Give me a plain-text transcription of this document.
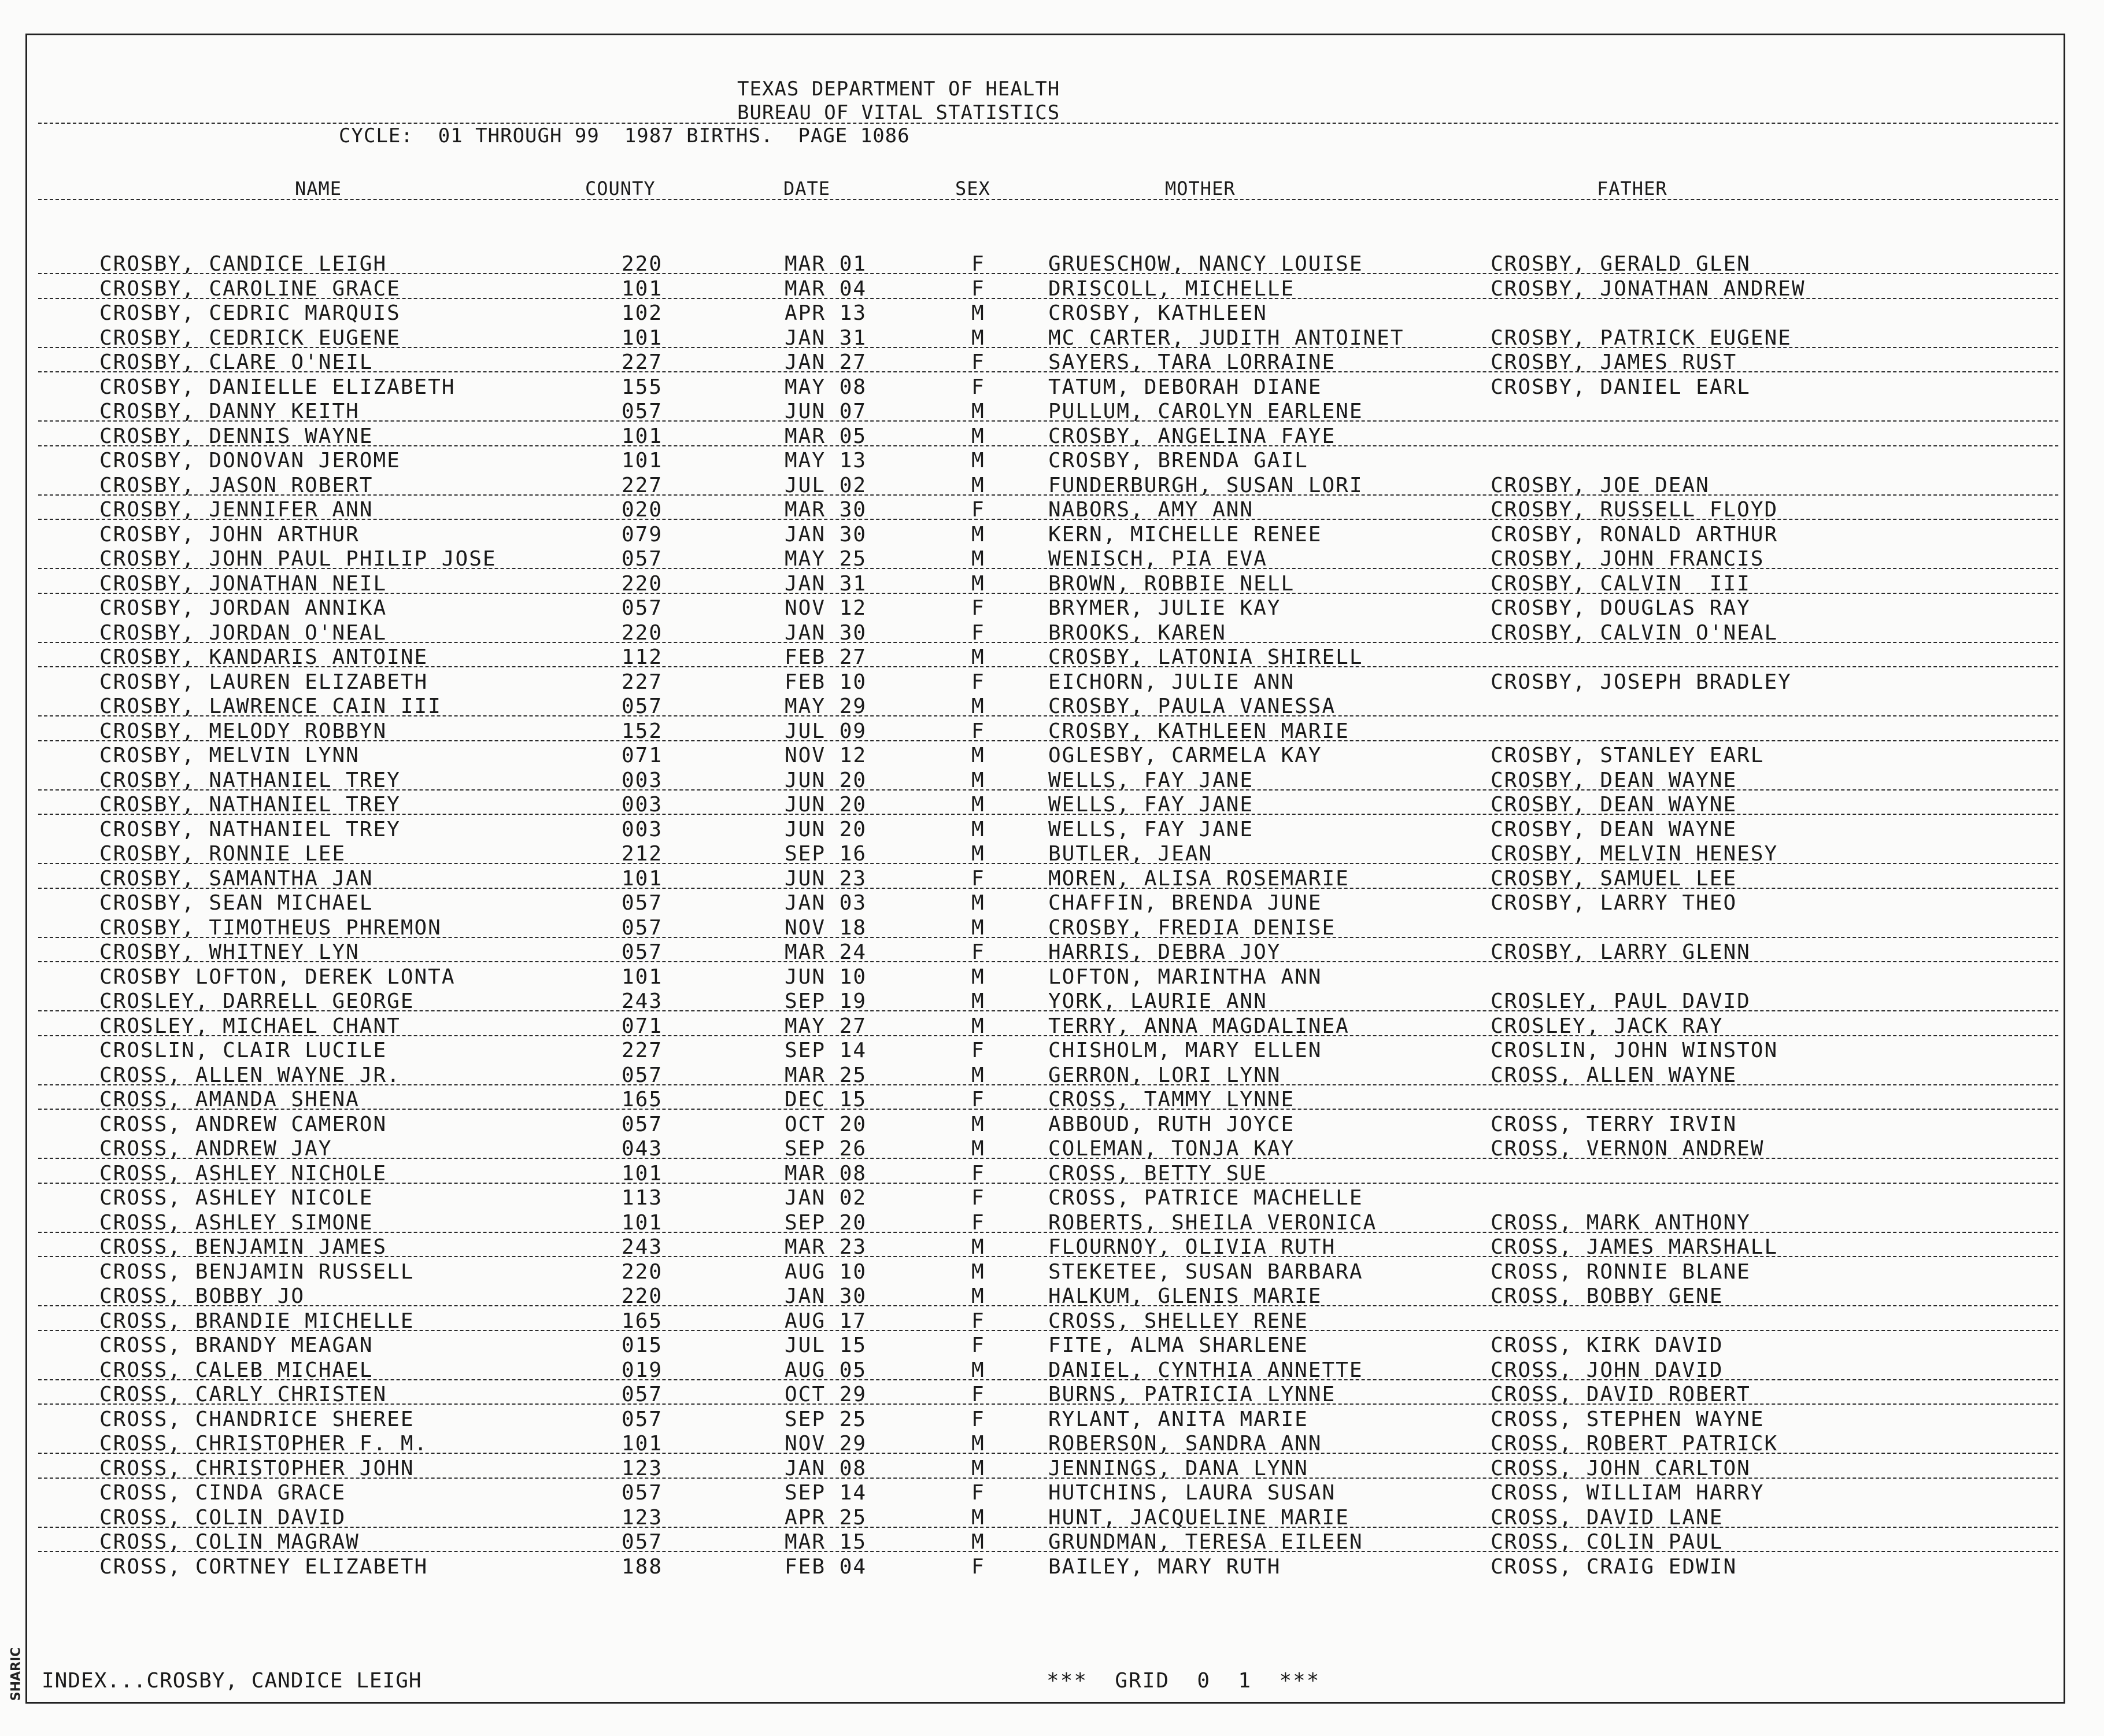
SHARIC
TEXAS DEPARTMENT OF HEALTH
BUREAU OF VITAL STATISTICS
CYCLE:  01 THROUGH 99  1987 BIRTHS.  PAGE 1086
NAME	COUNTY	DATE	SEX	MOTHER	FATHER
CROSBY, CANDICE LEIGH	220	MAR 01	F	GRUESCHOW, NANCY LOUISE	CROSBY, GERALD GLEN
CROSBY, CAROLINE GRACE	101	MAR 04	F	DRISCOLL, MICHELLE	CROSBY, JONATHAN ANDREW
CROSBY, CEDRIC MARQUIS	102	APR 13	M	CROSBY, KATHLEEN
CROSBY, CEDRICK EUGENE	101	JAN 31	M	MC CARTER, JUDITH ANTOINET	CROSBY, PATRICK EUGENE
CROSBY, CLARE O'NEIL	227	JAN 27	F	SAYERS, TARA LORRAINE	CROSBY, JAMES RUST
CROSBY, DANIELLE ELIZABETH	155	MAY 08	F	TATUM, DEBORAH DIANE	CROSBY, DANIEL EARL
CROSBY, DANNY KEITH	057	JUN 07	M	PULLUM, CAROLYN EARLENE
CROSBY, DENNIS WAYNE	101	MAR 05	M	CROSBY, ANGELINA FAYE
CROSBY, DONOVAN JEROME	101	MAY 13	M	CROSBY, BRENDA GAIL
CROSBY, JASON ROBERT	227	JUL 02	M	FUNDERBURGH, SUSAN LORI	CROSBY, JOE DEAN
CROSBY, JENNIFER ANN	020	MAR 30	F	NABORS, AMY ANN	CROSBY, RUSSELL FLOYD
CROSBY, JOHN ARTHUR	079	JAN 30	M	KERN, MICHELLE RENEE	CROSBY, RONALD ARTHUR
CROSBY, JOHN PAUL PHILIP JOSE	057	MAY 25	M	WENISCH, PIA EVA	CROSBY, JOHN FRANCIS
CROSBY, JONATHAN NEIL	220	JAN 31	M	BROWN, ROBBIE NELL	CROSBY, CALVIN  III
CROSBY, JORDAN ANNIKA	057	NOV 12	F	BRYMER, JULIE KAY	CROSBY, DOUGLAS RAY
CROSBY, JORDAN O'NEAL	220	JAN 30	F	BROOKS, KAREN	CROSBY, CALVIN O'NEAL
CROSBY, KANDARIS ANTOINE	112	FEB 27	M	CROSBY, LATONIA SHIRELL
CROSBY, LAUREN ELIZABETH	227	FEB 10	F	EICHORN, JULIE ANN	CROSBY, JOSEPH BRADLEY
CROSBY, LAWRENCE CAIN III	057	MAY 29	M	CROSBY, PAULA VANESSA
CROSBY, MELODY ROBBYN	152	JUL 09	F	CROSBY, KATHLEEN MARIE
CROSBY, MELVIN LYNN	071	NOV 12	M	OGLESBY, CARMELA KAY	CROSBY, STANLEY EARL
CROSBY, NATHANIEL TREY	003	JUN 20	M	WELLS, FAY JANE	CROSBY, DEAN WAYNE
CROSBY, NATHANIEL TREY	003	JUN 20	M	WELLS, FAY JANE	CROSBY, DEAN WAYNE
CROSBY, NATHANIEL TREY	003	JUN 20	M	WELLS, FAY JANE	CROSBY, DEAN WAYNE
CROSBY, RONNIE LEE	212	SEP 16	M	BUTLER, JEAN	CROSBY, MELVIN HENESY
CROSBY, SAMANTHA JAN	101	JUN 23	F	MOREN, ALISA ROSEMARIE	CROSBY, SAMUEL LEE
CROSBY, SEAN MICHAEL	057	JAN 03	M	CHAFFIN, BRENDA JUNE	CROSBY, LARRY THEO
CROSBY, TIMOTHEUS PHREMON	057	NOV 18	M	CROSBY, FREDIA DENISE
CROSBY, WHITNEY LYN	057	MAR 24	F	HARRIS, DEBRA JOY	CROSBY, LARRY GLENN
CROSBY LOFTON, DEREK LONTA	101	JUN 10	M	LOFTON, MARINTHA ANN
CROSLEY, DARRELL GEORGE	243	SEP 19	M	YORK, LAURIE ANN	CROSLEY, PAUL DAVID
CROSLEY, MICHAEL CHANT	071	MAY 27	M	TERRY, ANNA MAGDALINEA	CROSLEY, JACK RAY
CROSLIN, CLAIR LUCILE	227	SEP 14	F	CHISHOLM, MARY ELLEN	CROSLIN, JOHN WINSTON
CROSS, ALLEN WAYNE JR.	057	MAR 25	M	GERRON, LORI LYNN	CROSS, ALLEN WAYNE
CROSS, AMANDA SHENA	165	DEC 15	F	CROSS, TAMMY LYNNE
CROSS, ANDREW CAMERON	057	OCT 20	M	ABBOUD, RUTH JOYCE	CROSS, TERRY IRVIN
CROSS, ANDREW JAY	043	SEP 26	M	COLEMAN, TONJA KAY	CROSS, VERNON ANDREW
CROSS, ASHLEY NICHOLE	101	MAR 08	F	CROSS, BETTY SUE
CROSS, ASHLEY NICOLE	113	JAN 02	F	CROSS, PATRICE MACHELLE
CROSS, ASHLEY SIMONE	101	SEP 20	F	ROBERTS, SHEILA VERONICA	CROSS, MARK ANTHONY
CROSS, BENJAMIN JAMES	243	MAR 23	M	FLOURNOY, OLIVIA RUTH	CROSS, JAMES MARSHALL
CROSS, BENJAMIN RUSSELL	220	AUG 10	M	STEKETEE, SUSAN BARBARA	CROSS, RONNIE BLANE
CROSS, BOBBY JO	220	JAN 30	M	HALKUM, GLENIS MARIE	CROSS, BOBBY GENE
CROSS, BRANDIE MICHELLE	165	AUG 17	F	CROSS, SHELLEY RENE
CROSS, BRANDY MEAGAN	015	JUL 15	F	FITE, ALMA SHARLENE	CROSS, KIRK DAVID
CROSS, CALEB MICHAEL	019	AUG 05	M	DANIEL, CYNTHIA ANNETTE	CROSS, JOHN DAVID
CROSS, CARLY CHRISTEN	057	OCT 29	F	BURNS, PATRICIA LYNNE	CROSS, DAVID ROBERT
CROSS, CHANDRICE SHEREE	057	SEP 25	F	RYLANT, ANITA MARIE	CROSS, STEPHEN WAYNE
CROSS, CHRISTOPHER F. M.	101	NOV 29	M	ROBERSON, SANDRA ANN	CROSS, ROBERT PATRICK
CROSS, CHRISTOPHER JOHN	123	JAN 08	M	JENNINGS, DANA LYNN	CROSS, JOHN CARLTON
CROSS, CINDA GRACE	057	SEP 14	F	HUTCHINS, LAURA SUSAN	CROSS, WILLIAM HARRY
CROSS, COLIN DAVID	123	APR 25	M	HUNT, JACQUELINE MARIE	CROSS, DAVID LANE
CROSS, COLIN MAGRAW	057	MAR 15	M	GRUNDMAN, TERESA EILEEN	CROSS, COLIN PAUL
CROSS, CORTNEY ELIZABETH	188	FEB 04	F	BAILEY, MARY RUTH	CROSS, CRAIG EDWIN
INDEX...CROSBY, CANDICE LEIGH	***  GRID  0  1  ***
